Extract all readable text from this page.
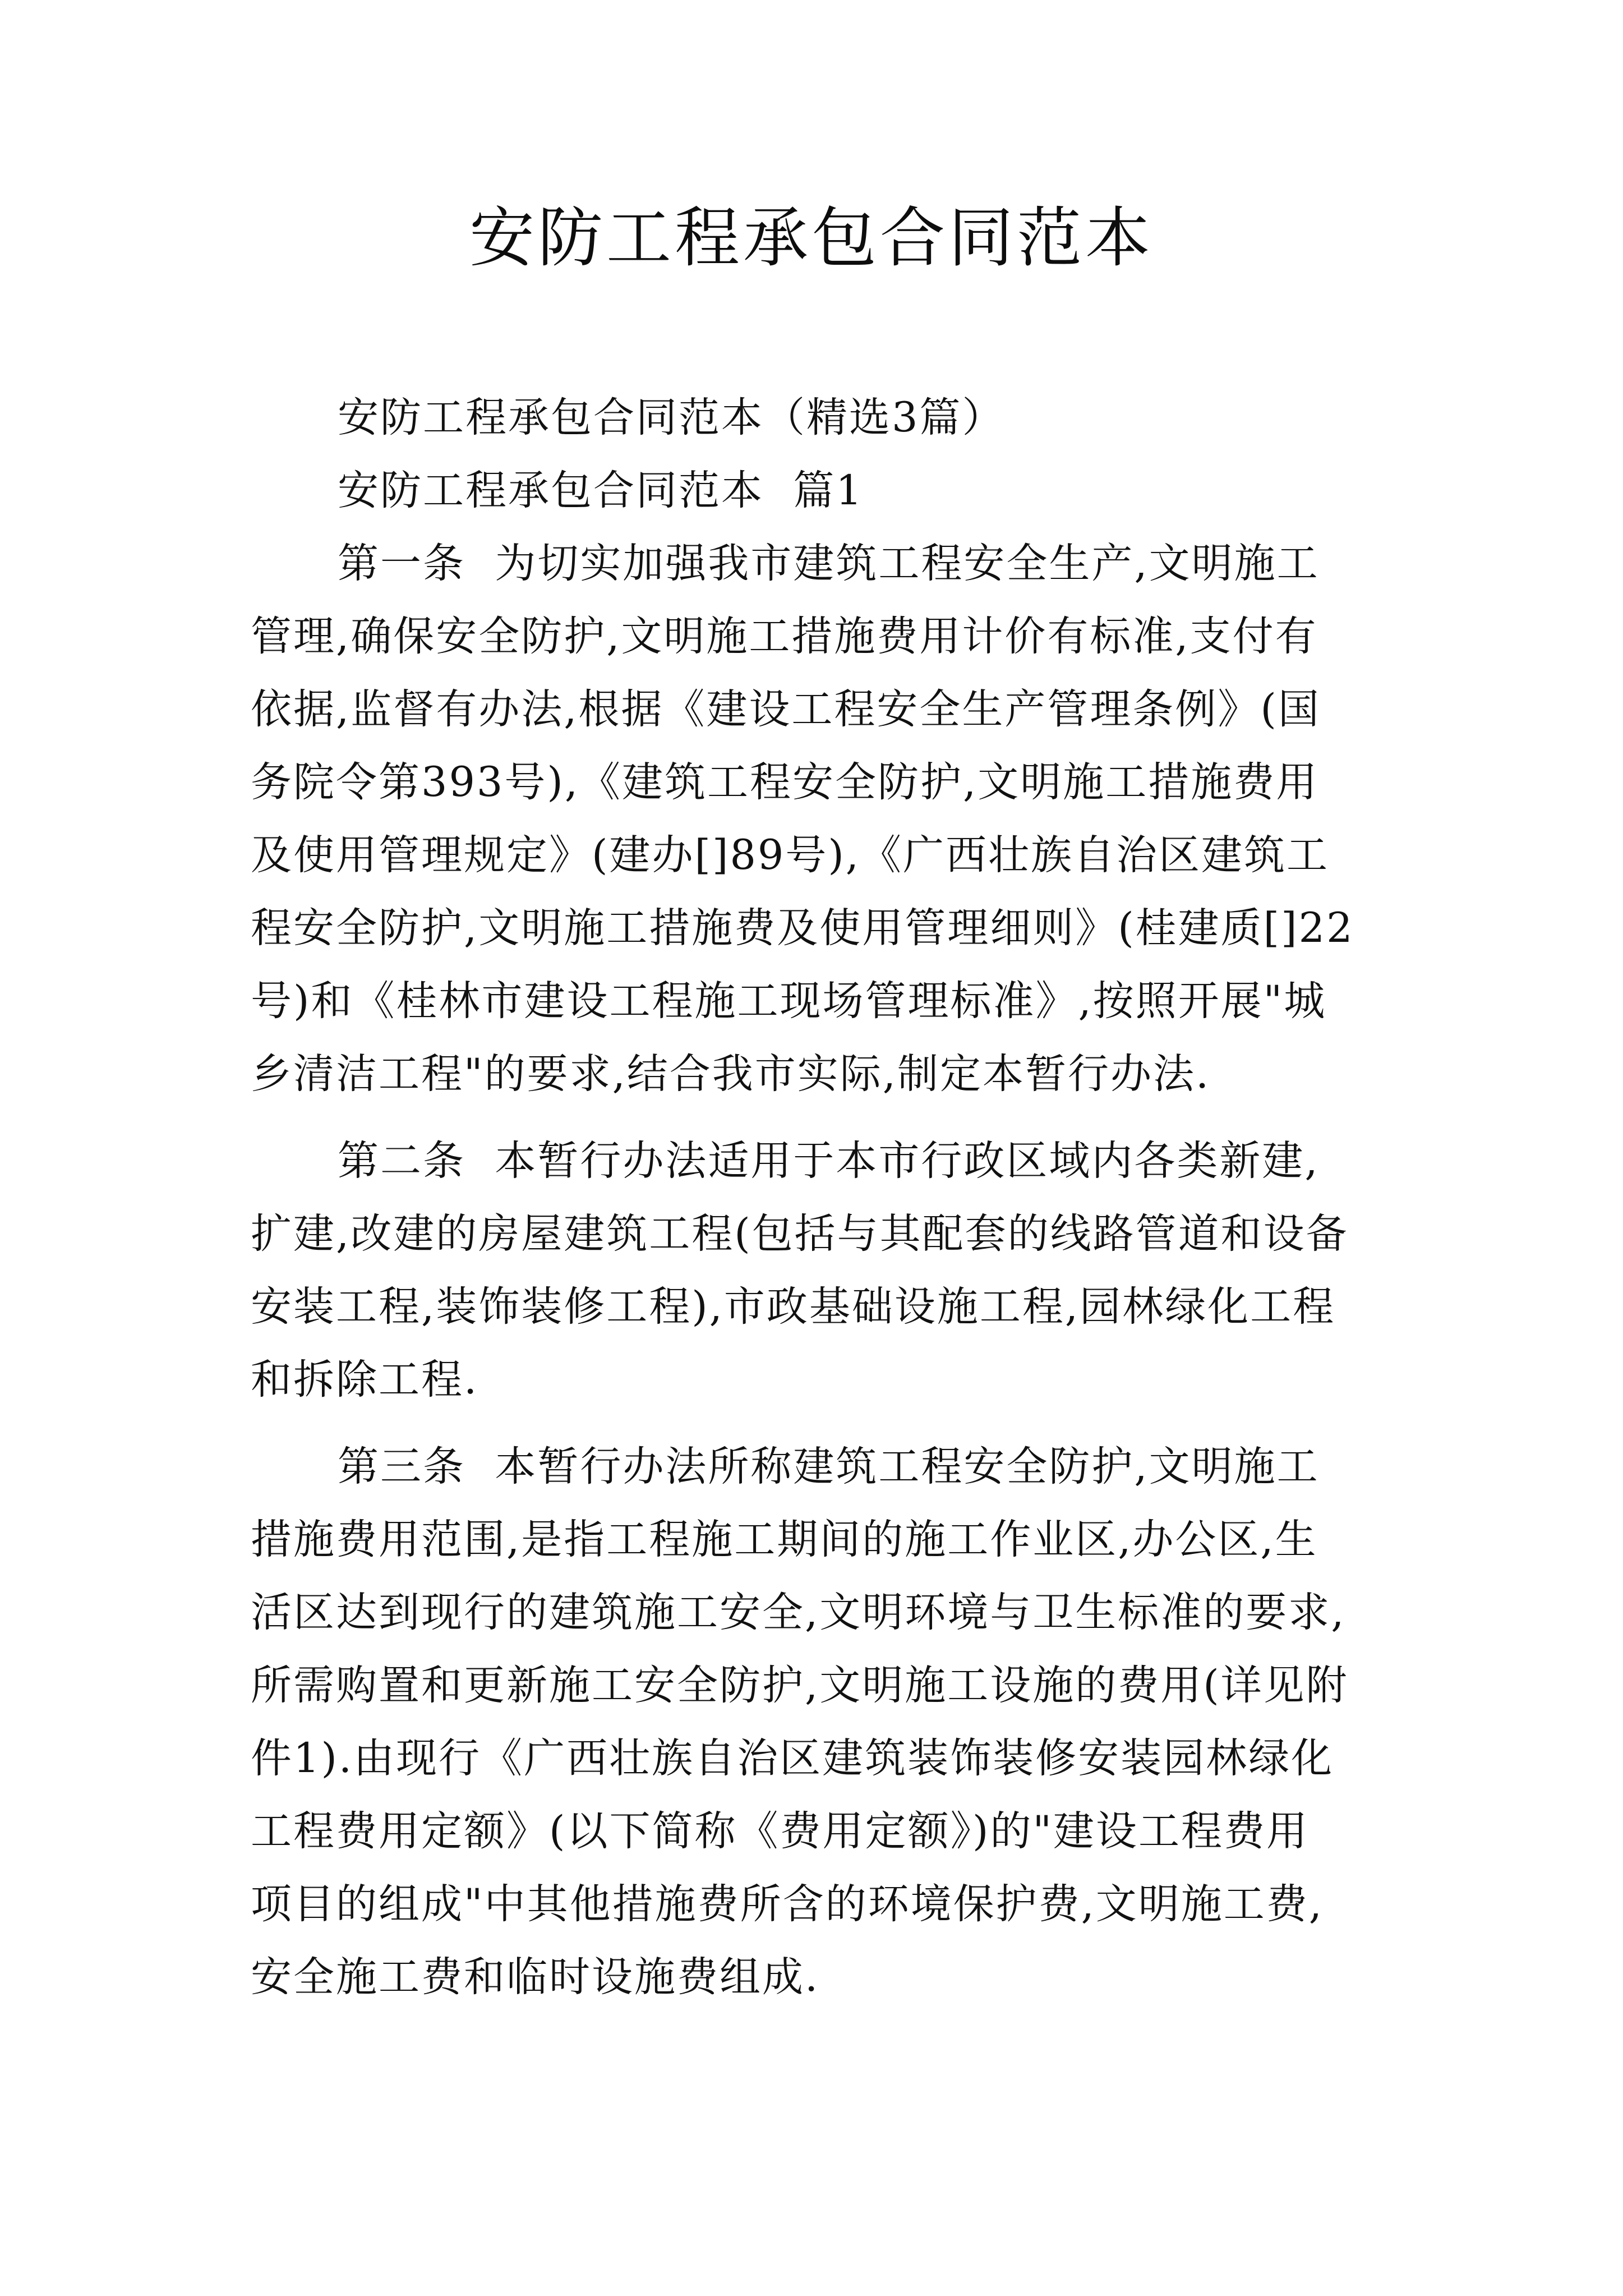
安防工程承包合同范本

安防工程承包合同范本（精选3篇）

安防工程承包合同范本  篇1

第一条  为切实加强我市建筑工程安全生产,文明施工

管理,确保安全防护,文明施工措施费用计价有标准,支付有

依据,监督有办法,根据《建设工程安全生产管理条例》(国

务院令第393号),《建筑工程安全防护,文明施工措施费用

及使用管理规定》(建办[]89号),《广西壮族自治区建筑工

程安全防护,文明施工措施费及使用管理细则》(桂建质[]22

号)和《桂林市建设工程施工现场管理标准》,按照开展"城

乡清洁工程"的要求,结合我市实际,制定本暂行办法.

第二条  本暂行办法适用于本市行政区域内各类新建,

扩建,改建的房屋建筑工程(包括与其配套的线路管道和设备

安装工程,装饰装修工程),市政基础设施工程,园林绿化工程

和拆除工程.

第三条  本暂行办法所称建筑工程安全防护,文明施工

措施费用范围,是指工程施工期间的施工作业区,办公区,生

活区达到现行的建筑施工安全,文明环境与卫生标准的要求,

所需购置和更新施工安全防护,文明施工设施的费用(详见附

件1).由现行《广西壮族自治区建筑装饰装修安装园林绿化

工程费用定额》(以下简称《费用定额》)的"建设工程费用

项目的组成"中其他措施费所含的环境保护费,文明施工费,

安全施工费和临时设施费组成.
